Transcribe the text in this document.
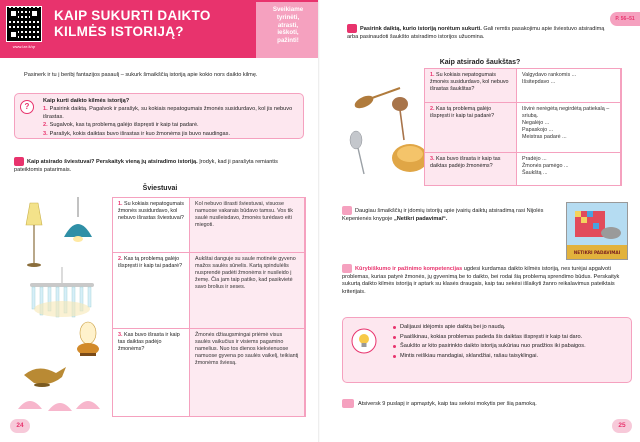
www.lze.lt/qr
KAIP SUKURTI DAIKTO KILMĖS ISTORIJĄ?
Sveikiame
tyrinėti,
atrasti,
ieškoti,
pažinti!

Pasinerk ir tu į beribį fantazijos pasaulį – sukurk šmaikščią istoriją apie kokio nors daikto kilmę.

?
Kaip kurti daikto kilmės istoriją?
1. Pasirink daiktą. Pagalvok ir parašyk, su kokiais nepatogumais žmonės susidurdavo, kol jis nebuvo išrastas.
2. Sugalvok, kas tą problemą galėjo išspręsti ir kaip tai padarė.
3. Parašyk, kokis daiktas buvo išrastas ir kuo žmonėms jis buvo naudingas.

Kaip atsirado šviestuvai? Perskaityk vieną jų atsiradimo istoriją. Įrodyk, kad ji parašyta remiantis pateiktomis patarimais.

Šviestuvai
1. Su kokiais nepatogumais žmonės susidurdavo, kol nebuvo išrastas šviestuvai?
Kol nebuvo išrasti šviestuvai, visuose namuose vakarais būdavo tamsu. Vos tik saulė nusileisdavo, žmonės turėdavo eiti miegoti.
2. Kas tą problemą galėjo išspręsti ir kaip tai padarė?
Aukštai danguje su saule motinėle gyveno mažos saulės sūnelis. Kartą spindulėlis nusprendė padėti žmonėms ir nusileido į žemę. Čia jam taip patiko, kad pasikvietė savo brolius ir seses.
3. Kas buvo išrasta ir kaip tas daiktas padėjo žmonėms?
Žmonės džiaugsmingai priėmė visus saulės vaikučius ir visiems pagamino namelius. Nuo tos dienos kiekvienuose namuose gyvena po saulės vaikelį, teikiantį žmonėms šviesą.
24
P. 56–51

Pasirink daiktą, kurio istoriją norėtum sukurti. Gali remtis pasakojimu apie šviestuvo atsiradimą arba pasinaudoti šaukšto atsiradimo istorijos užuomina.

Kaip atsirado šaukštas?
1. Su kokiais nepatogumais žmonės susidurdavo, kol nebuvo išrastas šaukštas?
Valgydavo rankomis ...
Išsitepdavo ...
2. Kas tą problemą galėjo išspręsti ir kaip tai padarė?
Išvirė nerėgėtą negirdėtą patiekalą – sriubą.
Negalėjo ...
Papaskojo ...
Meistras padarė ...
3. Kas buvo išrasta ir kaip tas daiktas padėjo žmonėms?
Pradėjo ...
Žmonės pamėgo ...
Šaukštą ...

Daugiau šmaikščių ir įdomių istorijų apie įvairių daiktų atsiradimą rasi Nijolės Kepenienės knygoje „Netikri padavimai“.

NETIKRI PADAVIMAI

Kūrybiškumo ir pažinimo kompetencijas ugdesi kurdamas daikto kilmės istoriją, nes turėjai apgalvoti problemas, kurias patyrė žmonės, jų gyvenimą be to daikto, bei rodai šią problemą sprendimo būdus. Perskaityk sukurtą daikto kilmės istoriją ir aptark su klasės draugais, kaip tau sekėsi išlaikyti žanro reikalavimus pateiktais kriterijais.

Dalijausi idėjomis apie daiktą bei jo naudą.
Paaiškinau, kokias problemas padeda šis daiktas išspręsti ir kaip tai daro.
Šaukšto ar kito pasirinkto daikto istoriją sukūriau nuo pradžios iki pabaigos.
Mintis reiškiau mandagiai, sklandžiai, rašau taisyklingai.

Atsiversk 9 puslapį ir apmąstyk, kaip tau sekėsi mokytis per šią pamoką.

25
